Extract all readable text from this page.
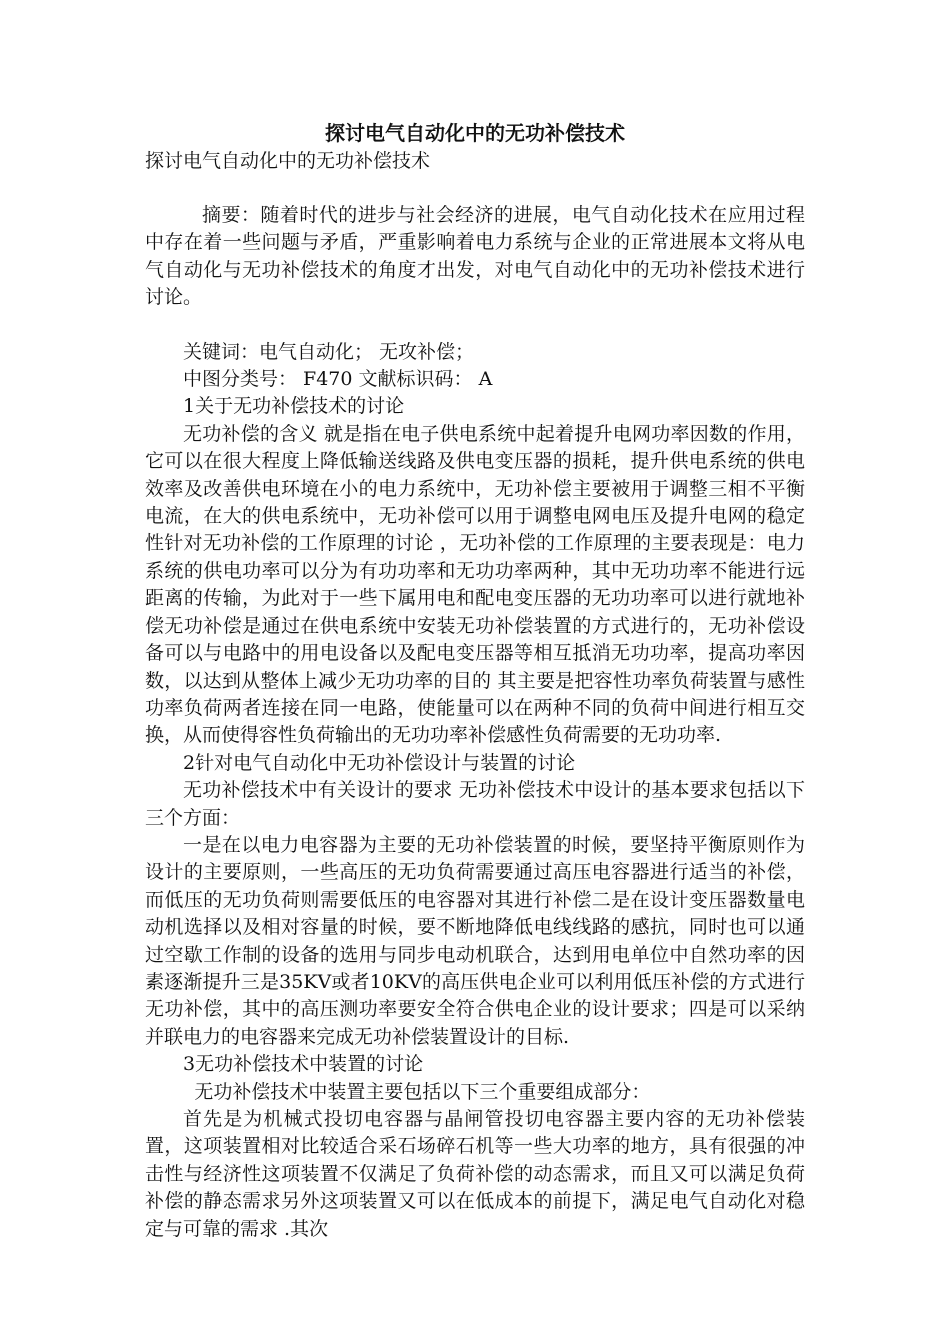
探讨电气自动化中的无功补偿技术
探讨电气自动化中的无功补偿技术

摘要：随着时代的进步与社会经济的进展，电气自动化技术在应用过程中存在着一些问题与矛盾，严重影响着电力系统与企业的正常进展本文将从电气自动化与无功补偿技术的角度才出发，对电气自动化中的无功补偿技术进行讨论。

关键词：电气自动化； 无攻补偿；
中图分类号： F470 文献标识码： A
1关于无功补偿技术的讨论

无功补偿的含义 就是指在电子供电系统中起着提升电网功率因数的作用，它可以在很大程度上降低输送线路及供电变压器的损耗，提升供电系统的供电效率及改善供电环境在小的电力系统中，无功补偿主要被用于调整三相不平衡电流，在大的供电系统中，无功补偿可以用于调整电网电压及提升电网的稳定性针对无功补偿的工作原理的讨论 ，无功补偿的工作原理的主要表现是：电力系统的供电功率可以分为有功功率和无功功率两种，其中无功功率不能进行远距离的传输，为此对于一些下属用电和配电变压器的无功功率可以进行就地补偿无功补偿是通过在供电系统中安装无功补偿装置的方式进行的，无功补偿设备可以与电路中的用电设备以及配电变压器等相互抵消无功功率，提高功率因数，以达到从整体上减少无功功率的目的 其主要是把容性功率负荷装置与感性功率负荷两者连接在同一电路，使能量可以在两种不同的负荷中间进行相互交换，从而使得容性负荷输出的无功功率补偿感性负荷需要的无功功率.

2针对电气自动化中无功补偿设计与装置的讨论

无功补偿技术中有关设计的要求 无功补偿技术中设计的基本要求包括以下三个方面：

一是在以电力电容器为主要的无功补偿装置的时候，要坚持平衡原则作为设计的主要原则，一些高压的无功负荷需要通过高压电容器进行适当的补偿，而低压的无功负荷则需要低压的电容器对其进行补偿二是在设计变压器数量电动机选择以及相对容量的时候，要不断地降低电线线路的感抗，同时也可以通过空歇工作制的设备的选用与同步电动机联合，达到用电单位中自然功率的因素逐渐提升三是35KV或者10KV的高压供电企业可以利用低压补偿的方式进行无功补偿，其中的高压测功率要安全符合供电企业的设计要求；四是可以采纳并联电力的电容器来完成无功补偿装置设计的目标.

3无功补偿技术中装置的讨论

无功补偿技术中装置主要包括以下三个重要组成部分：

首先是为机械式投切电容器与晶闸管投切电容器主要内容的无功补偿装置，这项装置相对比较适合采石场碎石机等一些大功率的地方，具有很强的冲击性与经济性这项装置不仅满足了负荷补偿的动态需求，而且又可以满足负荷补偿的静态需求另外这项装置又可以在低成本的前提下，满足电气自动化对稳定与可靠的需求 .其次
